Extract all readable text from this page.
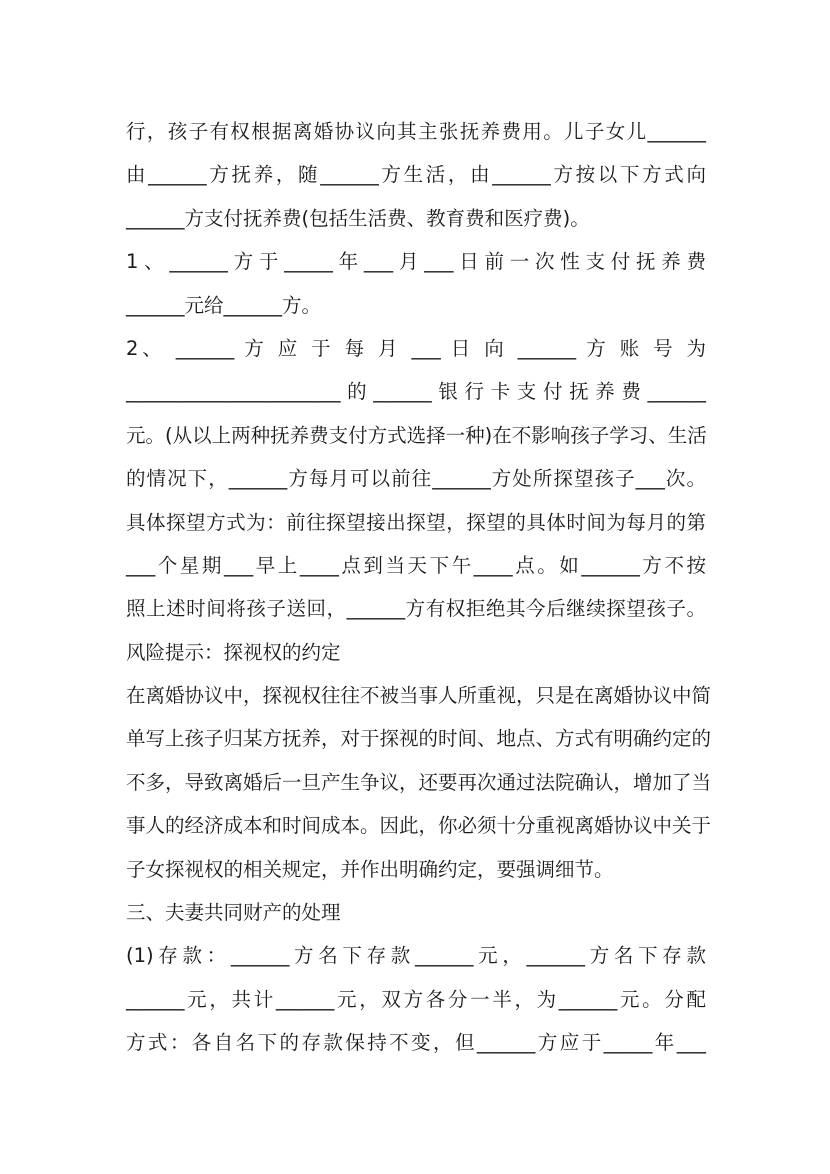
行，孩子有权根据离婚协议向其主张抚养费用。儿子女儿______
由______方抚养，随______方生活，由______方按以下方式向
______方支付抚养费(包括生活费、教育费和医疗费)。
1、______方于_____年___月___日前一次性支付抚养费
______元给______方。
2、 ______ 方 应 于 每 月 ___ 日 向 ______ 方 账 号 为
______________________的______银行卡支付抚养费______
元。(从以上两种抚养费支付方式选择一种)在不影响孩子学习、生活
的情况下，______方每月可以前往______方处所探望孩子___次。
具体探望方式为：前往探望接出探望，探望的具体时间为每月的第
___个星期___早上____点到当天下午____点。如______方不按
照上述时间将孩子送回，______方有权拒绝其今后继续探望孩子。
风险提示：探视权的约定
在离婚协议中，探视权往往不被当事人所重视，只是在离婚协议中简
单写上孩子归某方抚养，对于探视的时间、地点、方式有明确约定的
不多，导致离婚后一旦产生争议，还要再次通过法院确认，增加了当
事人的经济成本和时间成本。因此，你必须十分重视离婚协议中关于
子女探视权的相关规定，并作出明确约定，要强调细节。
三、夫妻共同财产的处理
(1)存款：______方名下存款______元，______方名下存款
______元，共计______元，双方各分一半，为______元。分配
方式：各自名下的存款保持不变，但______方应于_____年___
